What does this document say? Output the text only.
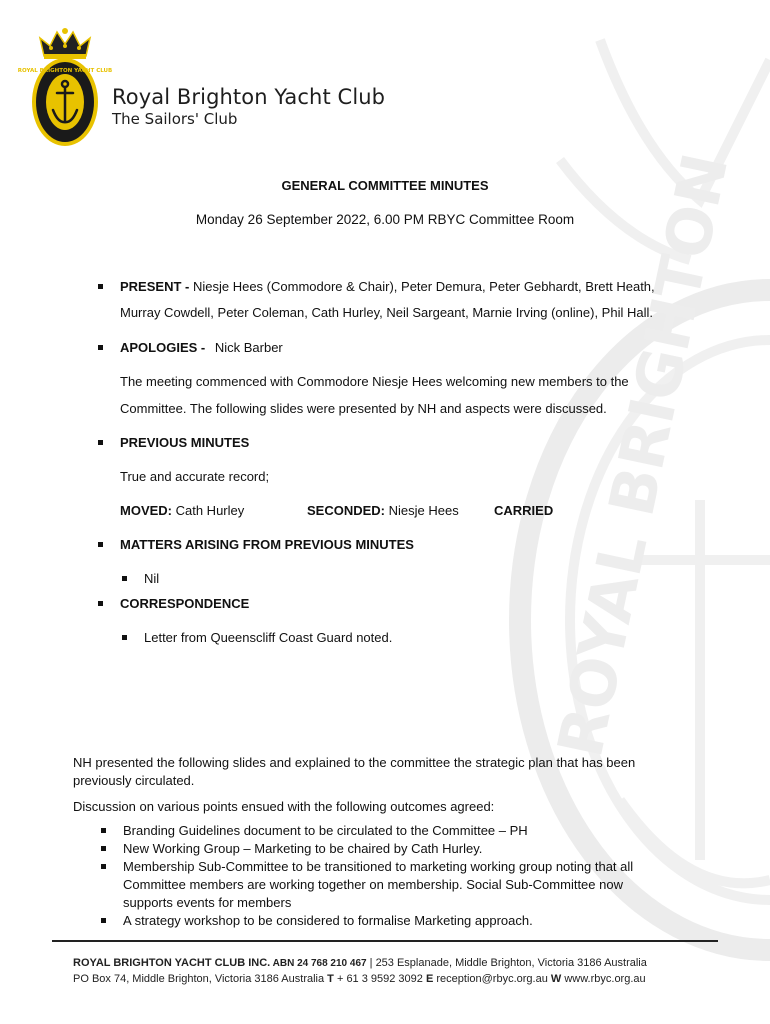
ROYAL BRIGHTON
ROYAL BRIGHTON YACHT CLUB
Royal Brighton Yacht Club
The Sailors' Club
GENERAL COMMITTEE MINUTES
Monday 26 September 2022, 6.00 PM RBYC Committee Room
PRESENT - Niesje Hees (Commodore & Chair), Peter Demura, Peter Gebhardt, Brett Heath,
Murray Cowdell, Peter Coleman, Cath Hurley, Neil Sargeant, Marnie Irving (online), Phil Hall.
APOLOGIES - Nick Barber
The meeting commenced with Commodore Niesje Hees welcoming new members to the
Committee. The following slides were presented by NH and aspects were discussed.
PREVIOUS MINUTES
True and accurate record;
MOVED: Cath Hurley	SECONDED: Niesje Hees	CARRIED
MATTERS ARISING FROM PREVIOUS MINUTES
Nil
CORRESPONDENCE
Letter from Queenscliff Coast Guard noted.
NH presented the following slides and explained to the committee the strategic plan that has been
previously circulated.
Discussion on various points ensued with the following outcomes agreed:
Branding Guidelines document to be circulated to the Committee – PH
New Working Group – Marketing to be chaired by Cath Hurley.
Membership Sub-Committee to be transitioned to marketing working group noting that all
Committee members are working together on membership. Social Sub-Committee now
supports events for members
A strategy workshop to be considered to formalise Marketing approach.
ROYAL BRIGHTON YACHT CLUB INC. ABN 24 768 210 467 | 253 Esplanade, Middle Brighton, Victoria 3186 Australia
PO Box 74, Middle Brighton, Victoria 3186 Australia T + 61 3 9592 3092 E reception@rbyc.org.au W www.rbyc.org.au
